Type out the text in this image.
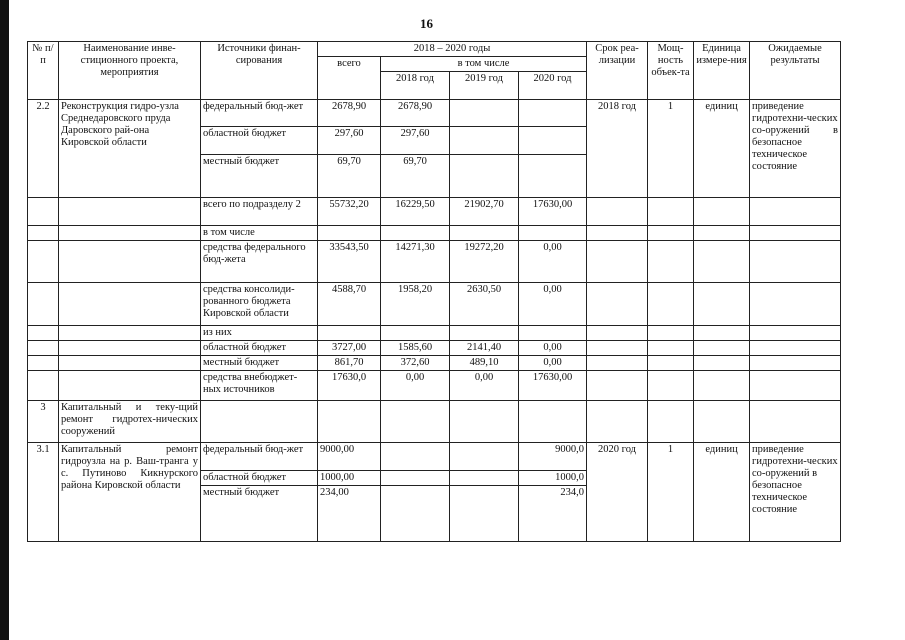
16
№ п/п	Наименование инве-стиционного проекта, мероприятия	Источники финан-сирования	2018 – 2020 годы				Срок реа-лизации	Мощ-ность объек-та	Единица измере-ния	Ожидаемые результаты
			всего	в том числе						
				2018 год	2019 год	2020 год				
2.2	Реконструкция гидро-узла Среднедаровского пруда Даровского рай-она Кировской области	федеральный бюд-жет	2678,90	2678,90			2018 год	1	единиц	приведение гидротехни-ческих со-оружений в безопасное техническое состояние
		областной бюджет	297,60	297,60						
		местный бюджет	69,70	69,70						
		всего по подразделу 2	55732,20	16229,50	21902,70	17630,00				
		в том числе								
		средства федерального бюд-жета	33543,50	14271,30	19272,20	0,00				
		средства консолиди-рованного бюджета Кировской области	4588,70	1958,20	2630,50	0,00				
		из них								
		областной бюджет	3727,00	1585,60	2141,40	0,00				
		местный бюджет	861,70	372,60	489,10	0,00				
		средства внебюджет-ных источников	17630,0	0,00	0,00	17630,00				
3	Капитальный и теку-щий ремонт гидротех-нических сооружений									
3.1	Капитальный ремонт гидроузла на р. Ваш-транга у с. Путиново Кикнурского района Кировской области	федеральный бюд-жет	9000,00			9000,0	2020 год	1	единиц	приведение гидротехни-ческих со-оружений в безопасное техническое состояние
		областной бюджет	1000,00			1000,0				
		местный бюджет	234,00			234,0				
